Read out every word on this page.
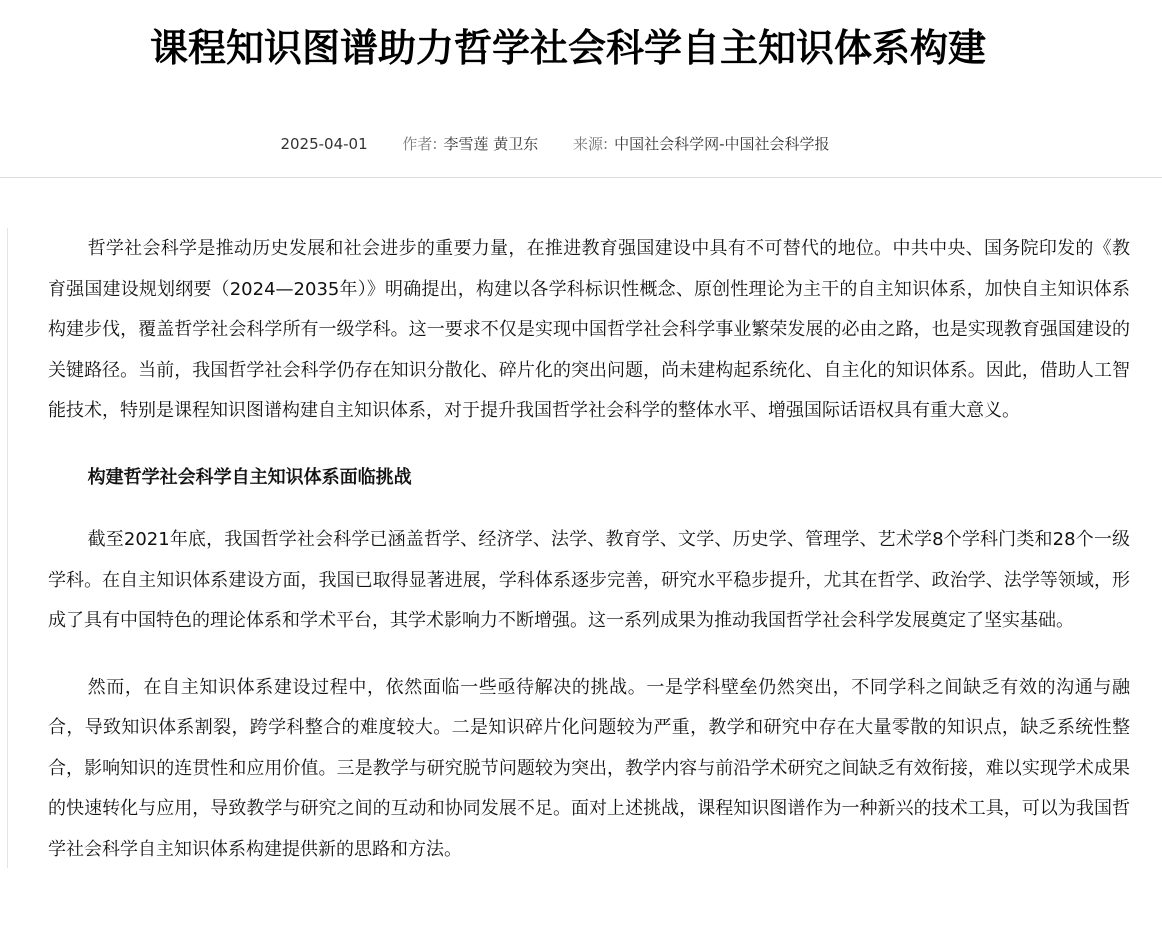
课程知识图谱助力哲学社会科学自主知识体系构建
2025-04-01 作者: 李雪莲 黄卫东 来源: 中国社会科学网-中国社会科学报

哲学社会科学是推动历史发展和社会进步的重要力量，在推进教育强国建设中具有不可替代的地位。中共中央、国务院印发的《教育强国建设规划纲要（2024—2035年）》明确提出，构建以各学科标识性概念、原创性理论为主干的自主知识体系，加快自主知识体系构建步伐，覆盖哲学社会科学所有一级学科。这一要求不仅是实现中国哲学社会科学事业繁荣发展的必由之路，也是实现教育强国建设的关键路径。当前，我国哲学社会科学仍存在知识分散化、碎片化的突出问题，尚未建构起系统化、自主化的知识体系。因此，借助人工智能技术，特别是课程知识图谱构建自主知识体系，对于提升我国哲学社会科学的整体水平、增强国际话语权具有重大意义。

构建哲学社会科学自主知识体系面临挑战

截至2021年底，我国哲学社会科学已涵盖哲学、经济学、法学、教育学、文学、历史学、管理学、艺术学8个学科门类和28个一级学科。在自主知识体系建设方面，我国已取得显著进展，学科体系逐步完善，研究水平稳步提升，尤其在哲学、政治学、法学等领域，形成了具有中国特色的理论体系和学术平台，其学术影响力不断增强。这一系列成果为推动我国哲学社会科学发展奠定了坚实基础。

然而，在自主知识体系建设过程中，依然面临一些亟待解决的挑战。一是学科壁垒仍然突出，不同学科之间缺乏有效的沟通与融合，导致知识体系割裂，跨学科整合的难度较大。二是知识碎片化问题较为严重，教学和研究中存在大量零散的知识点，缺乏系统性整合，影响知识的连贯性和应用价值。三是教学与研究脱节问题较为突出，教学内容与前沿学术研究之间缺乏有效衔接，难以实现学术成果的快速转化与应用，导致教学与研究之间的互动和协同发展不足。面对上述挑战，课程知识图谱作为一种新兴的技术工具，可以为我国哲学社会科学自主知识体系构建提供新的思路和方法。
